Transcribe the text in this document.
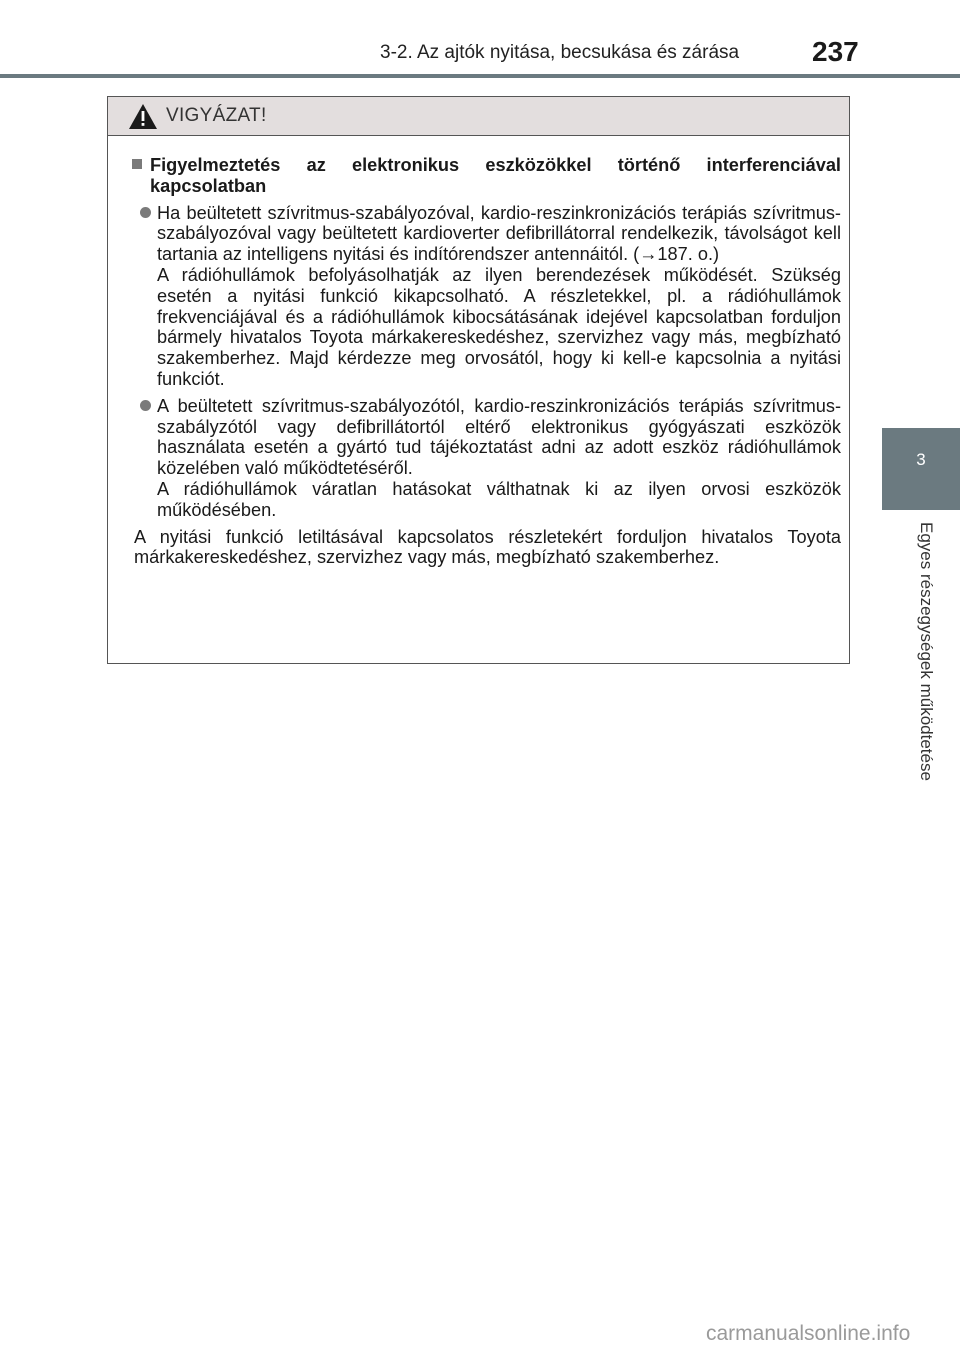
3-2. Az ajtók nyitása, becsukása és zárása	237
3
Egyes részegységek működtetése
VIGYÁZAT!
Figyelmeztetés az elektronikus eszközökkel történő interferenciával kapcsolatban

Ha beültetett szívritmus-szabályozóval, kardio-reszinkronizációs terápiás szívritmus-szabályozóval vagy beültetett kardioverter defibrillátorral rendelkezik, távolságot kell tartania az intelligens nyitási és indítórendszer antennáitól. (→187. o.)

A rádióhullámok befolyásolhatják az ilyen berendezések működését. Szükség esetén a nyitási funkció kikapcsolható. A részletekkel, pl. a rádióhullámok frekvenciájával és a rádióhullámok kibocsátásának idejével kapcsolatban forduljon bármely hivatalos Toyota márkakereskedéshez, szervizhez vagy más, megbízható szakemberhez. Majd kérdezze meg orvosától, hogy ki kell-e kapcsolnia a nyitási funkciót.

A beültetett szívritmus-szabályozótól, kardio-reszinkronizációs terápiás szívritmus-szabályzótól vagy defibrillátortól eltérő elektronikus gyógyászati eszközök használata esetén a gyártó tud tájékoztatást adni az adott eszköz rádióhullámok közelében való működtetéséről.

A rádióhullámok váratlan hatásokat válthatnak ki az ilyen orvosi eszközök működésében.

A nyitási funkció letiltásával kapcsolatos részletekért forduljon hivatalos Toyota márkakereskedéshez, szervizhez vagy más, megbízható szakemberhez.
carmanualsonline.info
